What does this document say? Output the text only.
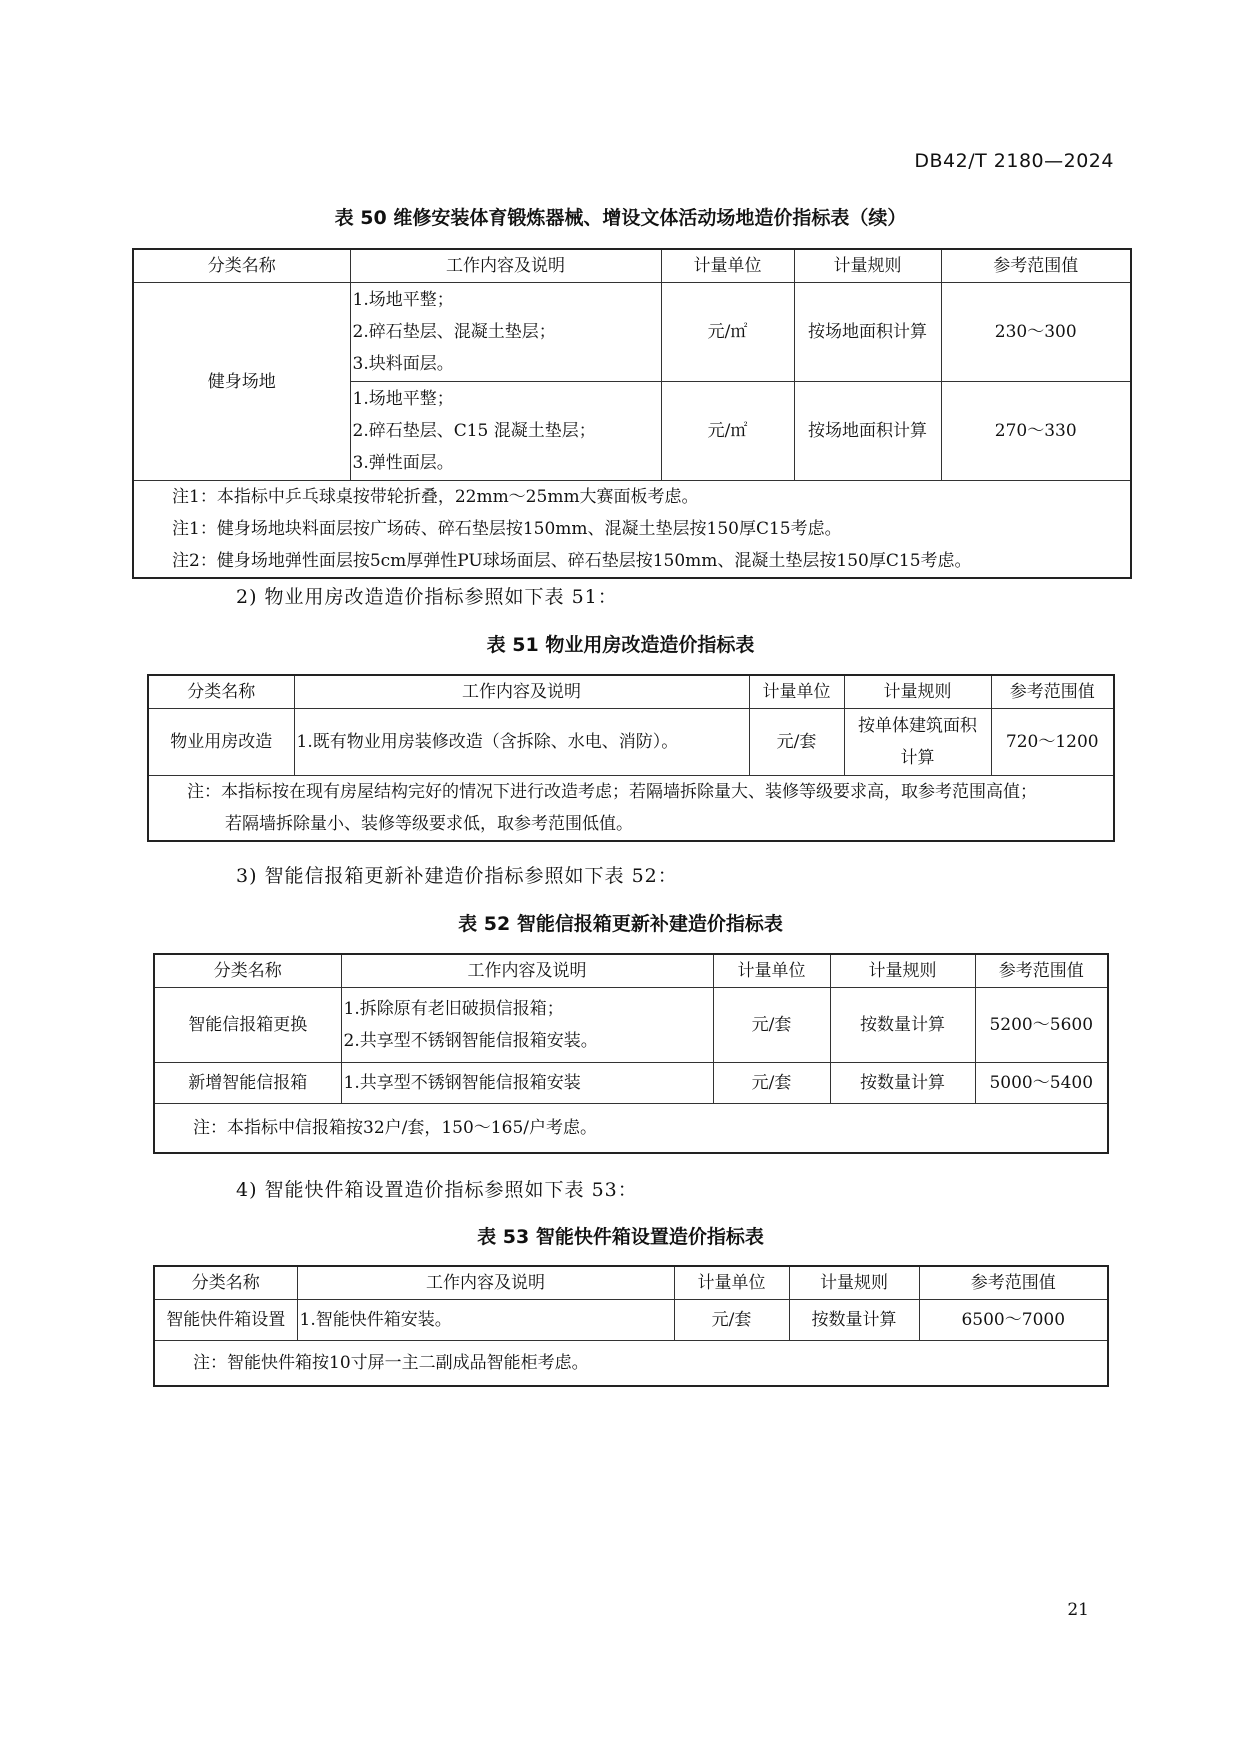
DB42/T 2180—2024
表 50 维修安装体育锻炼器械、增设文体活动场地造价指标表（续）
分类名称	工作内容及说明	计量单位	计量规则	参考范围值
健身场地	1.场地平整；
2.碎石垫层、混凝土垫层；
3.块料面层。	元/㎡	按场地面积计算	230～300

	1.场地平整；
2.碎石垫层、C15 混凝土垫层；
3.弹性面层。	元/㎡	按场地面积计算	270～330

注1：本指标中乒乓球桌按带轮折叠，22mm～25mm大赛面板考虑。
注1：健身场地块料面层按广场砖、碎石垫层按150mm、混凝土垫层按150厚C15考虑。
注2：健身场地弹性面层按5cm厚弹性PU球场面层、碎石垫层按150mm、混凝土垫层按150厚C15考虑。				
2) 物业用房改造造价指标参照如下表 51：
表 51 物业用房改造造价指标表
分类名称	工作内容及说明	计量单位	计量规则	参考范围值
物业用房改造	1.既有物业用房装修改造（含拆除、水电、消防）。	元/套	按单体建筑面积
计算	720～1200

注：本指标按在现有房屋结构完好的情况下进行改造考虑；若隔墙拆除量大、装修等级要求高，取参考范围高值；
若隔墙拆除量小、装修等级要求低，取参考范围低值。				
3) 智能信报箱更新补建造价指标参照如下表 52：
表 52 智能信报箱更新补建造价指标表
分类名称	工作内容及说明	计量单位	计量规则	参考范围值
智能信报箱更换	1.拆除原有老旧破损信报箱；
2.共享型不锈钢智能信报箱安装。	元/套	按数量计算	5200～5600
新增智能信报箱	1.共享型不锈钢智能信报箱安装	元/套	按数量计算	5000～5400
注：本指标中信报箱按32户/套，150～165/户考虑。				
4) 智能快件箱设置造价指标参照如下表 53：
表 53 智能快件箱设置造价指标表
分类名称	工作内容及说明	计量单位	计量规则	参考范围值
智能快件箱设置	1.智能快件箱安装。	元/套	按数量计算	6500～7000
注：智能快件箱按10寸屏一主二副成品智能柜考虑。				
21
